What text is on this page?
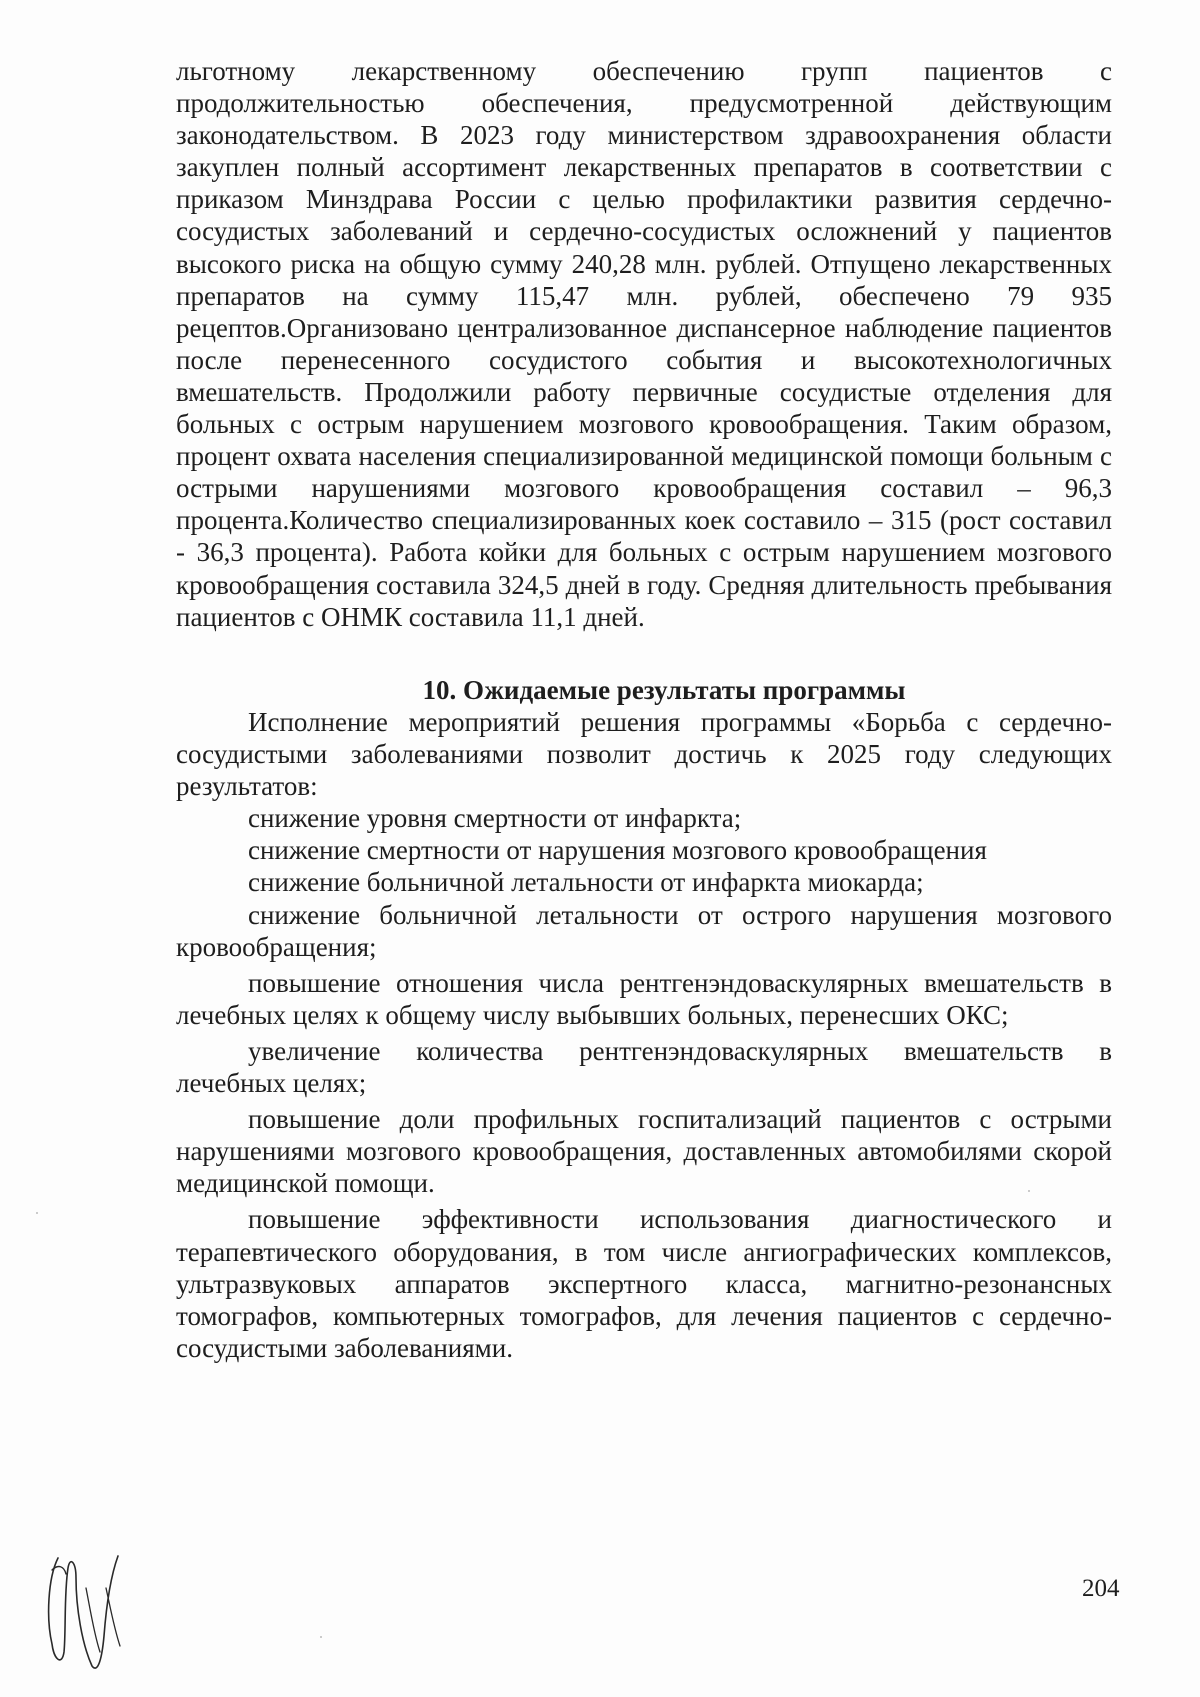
льготному лекарственному обеспечению групп пациентов с продолжительностью обеспечения, предусмотренной действующим законодательством. В 2023 году министерством здравоохранения области закуплен полный ассортимент лекарственных препаратов в соответствии с приказом Минздрава России с целью профилактики развития сердечно-сосудистых заболеваний и сердечно-сосудистых осложнений у пациентов высокого риска на общую сумму 240,28 млн. рублей. Отпущено лекарственных препаратов на сумму 115,47 млн. рублей, обеспечено 79 935 рецептов.Организовано централизованное диспансерное наблюдение пациентов после перенесенного сосудистого события и высокотехнологичных вмешательств. Продолжили работу первичные сосудистые отделения для больных с острым нарушением мозгового кровообращения. Таким образом, процент охвата населения специализированной медицинской помощи больным с острыми нарушениями мозгового кровообращения составил – 96,3 процента.Количество специализированных коек составило – 315 (рост составил - 36,3 процента). Работа койки для больных с острым нарушением мозгового кровообращения составила 324,5 дней в году. Средняя длительность пребывания пациентов с ОНМК составила 11,1 дней.

10. Ожидаемые результаты программы

Исполнение мероприятий решения программы «Борьба с сердечно-сосудистыми заболеваниями позволит достичь к 2025 году следующих результатов:

снижение уровня смертности от инфаркта;

снижение смертности от нарушения мозгового кровообращения

снижение больничной летальности от инфаркта миокарда;

снижение больничной летальности от острого нарушения мозгового кровообращения;

повышение отношения числа рентгенэндоваскулярных вмешательств в лечебных целях к общему числу выбывших больных, перенесших ОКС;

увеличение количества рентгенэндоваскулярных вмешательств в лечебных целях;

повышение доли профильных госпитализаций пациентов с острыми нарушениями мозгового кровообращения, доставленных автомобилями скорой медицинской помощи.

повышение эффективности использования диагностического и терапевтического оборудования, в том числе ангиографических комплексов, ультразвуковых аппаратов экспертного класса, магнитно-резонансных томографов, компьютерных томографов, для лечения пациентов с сердечно-сосудистыми заболеваниями.

204
